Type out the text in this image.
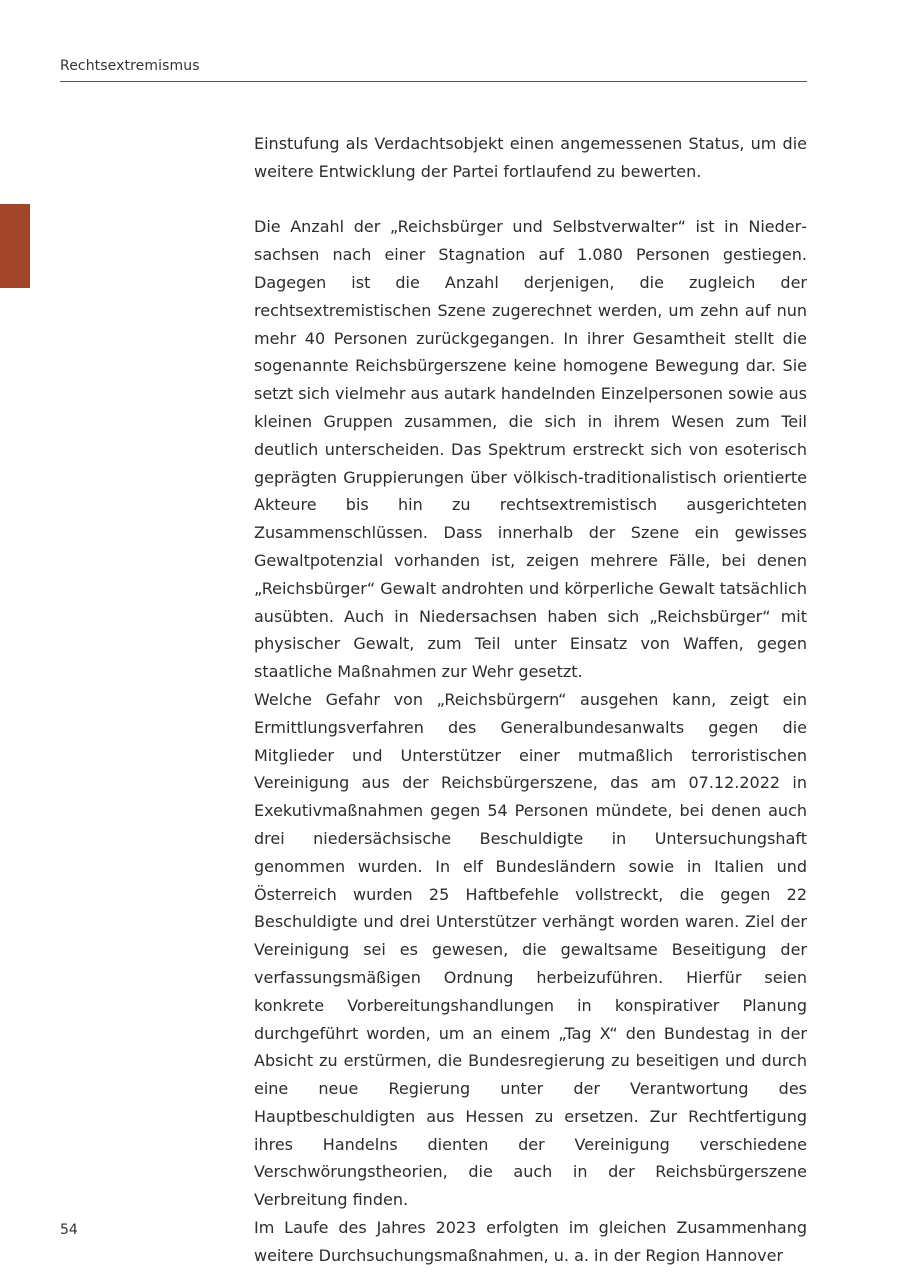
Rechtsextremismus

Einstufung als Verdachtsobjekt einen angemessenen Status, um die weitere Entwicklung der Partei fortlaufend zu bewerten.

Die Anzahl der „Reichsbürger und Selbstverwalter“ ist in Niedersachsen nach einer Stagnation auf 1.080 Personen gestiegen. Dagegen ist die Anzahl derjenigen, die zugleich der rechtsextremistischen Szene zugerechnet werden, um zehn auf nun mehr 40 Personen zurückgegangen. In ihrer Gesamtheit stellt die sogenannte Reichsbürgerszene keine homogene Bewegung dar. Sie setzt sich vielmehr aus autark handelnden Einzelpersonen sowie aus kleinen Gruppen zusammen, die sich in ihrem Wesen zum Teil deutlich unterscheiden. Das Spektrum erstreckt sich von esoterisch geprägten Gruppierungen über völkisch-traditionalistisch orientierte Akteure bis hin zu rechtsextremistisch ausgerichteten Zusammenschlüssen. Dass innerhalb der Szene ein gewisses Gewaltpotenzial vorhanden ist, zeigen mehrere Fälle, bei denen „Reichsbürger“ Gewalt androhten und körperliche Gewalt tatsächlich ausübten. Auch in Niedersachsen haben sich „Reichsbürger“ mit physischer Gewalt, zum Teil unter Einsatz von Waffen, gegen staatliche Maßnahmen zur Wehr gesetzt.

Welche Gefahr von „Reichsbürgern“ ausgehen kann, zeigt ein Ermittlungsverfahren des Generalbundesanwalts gegen die Mitglieder und Unterstützer einer mutmaßlich terroristischen Vereinigung aus der Reichsbürgerszene, das am 07.12.2022 in Exekutivmaßnahmen gegen 54 Personen mündete, bei denen auch drei niedersächsische Beschuldigte in Untersuchungshaft genommen wurden. In elf Bundesländern sowie in Italien und Österreich wurden 25 Haftbefehle vollstreckt, die gegen 22 Beschuldigte und drei Unterstützer verhängt worden waren. Ziel der Vereinigung sei es gewesen, die gewaltsame Beseitigung der verfassungsmäßigen Ordnung herbeizuführen. Hierfür seien konkrete Vorbereitungshandlungen in konspirativer Planung durchgeführt worden, um an einem „Tag X“ den Bundestag in der Absicht zu erstürmen, die Bundesregierung zu beseitigen und durch eine neue Regierung unter der Verantwortung des Hauptbeschuldigten aus Hessen zu ersetzen. Zur Rechtfertigung ihres Handelns dienten der Vereinigung verschiedene Verschwörungstheorien, die auch in der Reichsbürgerszene Verbreitung finden.

Im Laufe des Jahres 2023 erfolgten im gleichen Zusammenhang weitere Durchsuchungsmaßnahmen, u. a. in der Region Hannover

54
